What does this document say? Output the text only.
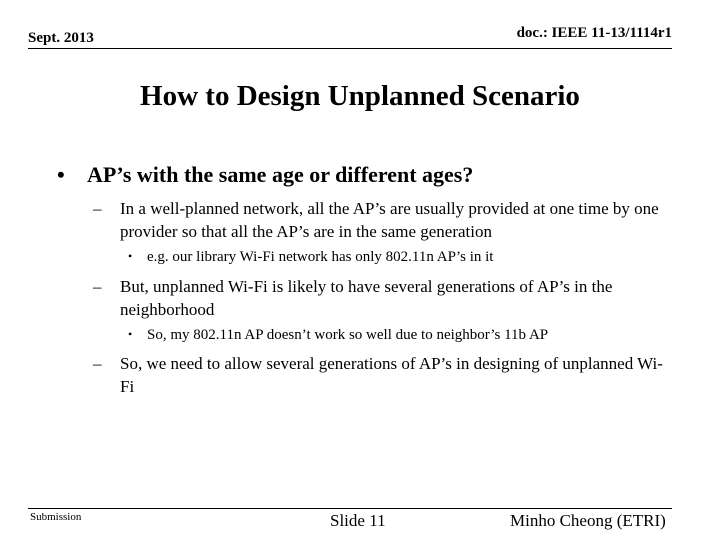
Sept. 2013	doc.: IEEE 11-13/1114r1
How to Design Unplanned Scenario
• AP’s with the same age or different ages?
– In a well-planned network, all the AP’s are usually provided at one time by one provider so that all the AP’s are in the same generation
• e.g. our library Wi-Fi network has only 802.11n AP’s in it
– But, unplanned Wi-Fi is likely to have several generations of AP’s in the neighborhood
• So, my 802.11n AP doesn’t work so well due to neighbor’s 11b AP
– So, we need to allow several generations of AP’s in designing of unplanned Wi-Fi
Submission	Slide 11	Minho Cheong (ETRI)
